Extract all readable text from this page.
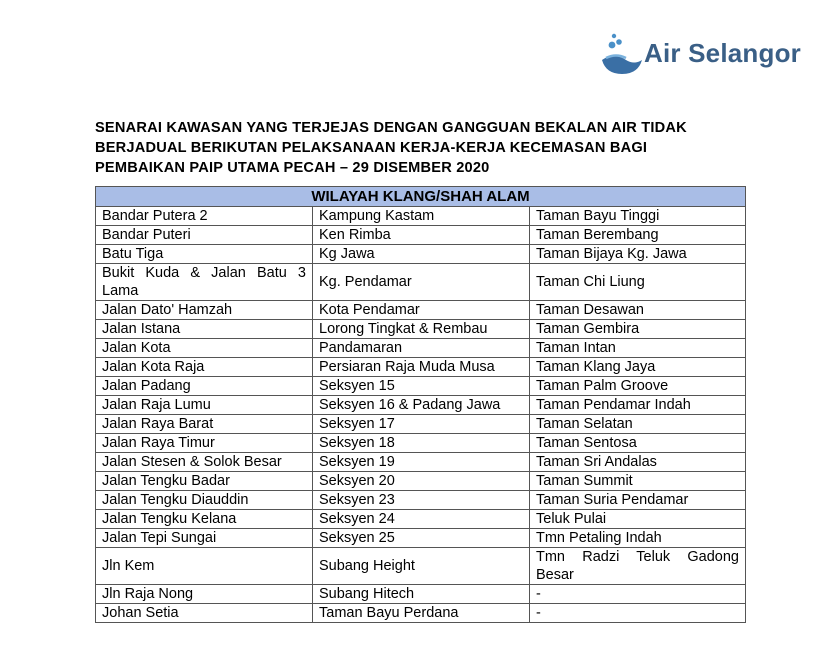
Air Selangor
SENARAI KAWASAN YANG TERJEJAS DENGAN GANGGUAN BEKALAN AIR TIDAK
BERJADUAL BERIKUTAN PELAKSANAAN KERJA-KERJA KECEMASAN BAGI
PEMBAIKAN PAIP UTAMA PECAH – 29 DISEMBER 2020
WILAYAH KLANG/SHAH ALAM		
Bandar Putera 2	Kampung Kastam	Taman Bayu Tinggi
Bandar Puteri	Ken Rimba	Taman Berembang
Batu Tiga	Kg Jawa	Taman Bijaya Kg. Jawa
Bukit Kuda & Jalan Batu 3 Lama	Kg. Pendamar	Taman Chi Liung
Jalan Dato' Hamzah	Kota Pendamar	Taman Desawan
Jalan Istana	Lorong Tingkat & Rembau	Taman Gembira
Jalan Kota	Pandamaran	Taman Intan
Jalan Kota Raja	Persiaran Raja Muda Musa	Taman Klang Jaya
Jalan Padang	Seksyen 15	Taman Palm Groove
Jalan Raja Lumu	Seksyen 16 & Padang Jawa	Taman Pendamar Indah
Jalan Raya Barat	Seksyen 17	Taman Selatan
Jalan Raya Timur	Seksyen 18	Taman Sentosa
Jalan Stesen & Solok Besar	Seksyen 19	Taman Sri Andalas
Jalan Tengku Badar	Seksyen 20	Taman Summit
Jalan Tengku Diauddin	Seksyen 23	Taman Suria Pendamar
Jalan Tengku Kelana	Seksyen 24	Teluk Pulai
Jalan Tepi Sungai	Seksyen 25	Tmn Petaling Indah
Jln Kem	Subang Height	Tmn Radzi Teluk Gadong Besar
Jln Raja Nong	Subang Hitech	-
Johan Setia	Taman Bayu Perdana	-
